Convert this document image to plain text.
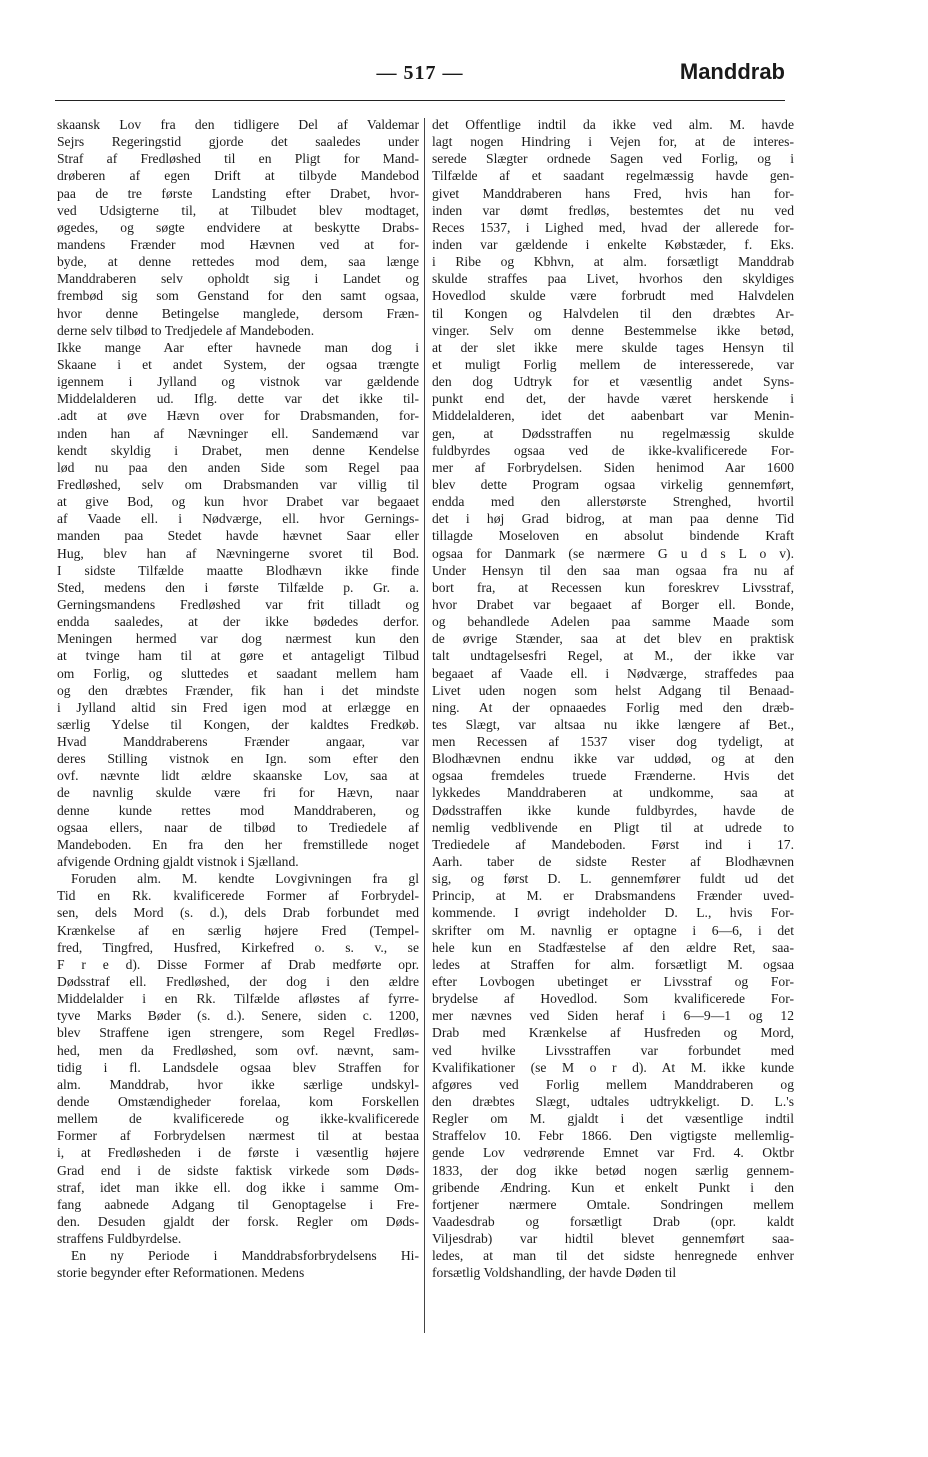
— 517 —	Manddrab
skaansk Lov fra den tidligere Del af Valdemar
Sejrs Regeringstid gjorde det saaledes under
Straf af Fredløshed til en Pligt for Mand-
drøberen af egen Drift at tilbyde Mandebod
paa de tre første Landsting efter Drabet, hvor-
ved Udsigterne til, at Tilbudet blev modtaget,
øgedes, og søgte endvidere at beskytte Drabs-
mandens Frænder mod Hævnen ved at for-
byde, at denne rettedes mod dem, saa længe
Manddraberen selv opholdt sig i Landet og
frembød sig som Genstand for den samt ogsaa,
hvor denne Betingelse manglede, dersom Fræn-
derne selv tilbød to Tredjedele af Mandeboden.
Ikke mange Aar efter havnede man dog i
Skaane i et andet System, der ogsaa trængte
igennem i Jylland og vistnok var gældende
Middelalderen ud. Iflg. dette var det ikke til-
.adt at øve Hævn over for Drabsmanden, for-
ınden han af Nævninger ell. Sandemænd var
kendt skyldig i Drabet, men denne Kendelse
lød nu paa den anden Side som Regel paa
Fredløshed, selv om Drabsmanden var villig til
at give Bod, og kun hvor Drabet var begaaet
af Vaade ell. i Nødværge, ell. hvor Gernings-
manden paa Stedet havde hævnet Saar eller
Hug, blev han af Nævningerne svoret til Bod.
I sidste Tilfælde maatte Blodhævn ikke finde
Sted, medens den i første Tilfælde p. Gr. a.
Gerningsmandens Fredløshed var frit tilladt og
endda saaledes, at der ikke bødedes derfor.
Meningen hermed var dog nærmest kun den
at tvinge ham til at gøre et antageligt Tilbud
om Forlig, og sluttedes et saadant mellem ham
og den dræbtes Frænder, fik han i det mindste
i Jylland altid sin Fred igen mod at erlægge en
særlig Ydelse til Kongen, der kaldtes Fredkøb.
Hvad Manddraberens Frænder angaar, var
deres Stilling vistnok en Ign. som efter den
ovf. nævnte lidt ældre skaanske Lov, saa at
de navnlig skulde være fri for Hævn, naar
denne kunde rettes mod Manddraberen, og
ogsaa ellers, naar de tilbød to Trediedele af
Mandeboden. En fra den her fremstillede noget
afvigende Ordning gjaldt vistnok i Sjælland.
Foruden alm. M. kendte Lovgivningen fra gl
Tid en Rk. kvalificerede Former af Forbrydel-
sen, dels Mord (s. d.), dels Drab forbundet med
Krænkelse af en særlig højere Fred (Tempel-
fred, Tingfred, Husfred, Kirkefred o. s. v., se
F r e d). Disse Former af Drab medførte opr.
Dødsstraf ell. Fredløshed, der dog i den ældre
Middelalder i en Rk. Tilfælde afløstes af fyrre-
tyve Marks Bøder (s. d.). Senere, siden c. 1200,
blev Straffene igen strengere, som Regel Fredløs-
hed, men da Fredløshed, som ovf. nævnt, sam-
tidig i fl. Landsdele ogsaa blev Straffen for
alm. Manddrab, hvor ikke særlige undskyl-
dende Omstændigheder forelaa, kom Forskellen
mellem de kvalificerede og ikke-kvalificerede
Former af Forbrydelsen nærmest til at bestaa
i, at Fredløsheden i de første i væsentlig højere
Grad end i de sidste faktisk virkede som Døds-
straf, idet man ikke ell. dog ikke i samme Om-
fang aabnede Adgang til Genoptagelse i Fre-
den. Desuden gjaldt der forsk. Regler om Døds-
straffens Fuldbyrdelse.
En ny Periode i Manddrabsforbrydelsens Hi-
storie begynder efter Reformationen. Medens
det Offentlige indtil da ikke ved alm. M. havde
lagt nogen Hindring i Vejen for, at de interes-
serede Slægter ordnede Sagen ved Forlig, og i
Tilfælde af et saadant regelmæssig havde gen-
givet Manddraberen hans Fred, hvis han for-
inden var dømt fredløs, bestemtes det nu ved
Reces 1537, i Lighed med, hvad der allerede for-
inden var gældende i enkelte Købstæder, f. Eks.
i Ribe og Kbhvn, at alm. forsætligt Manddrab
skulde straffes paa Livet, hvorhos den skyldiges
Hovedlod skulde være forbrudt med Halvdelen
til Kongen og Halvdelen til den dræbtes Ar-
vinger. Selv om denne Bestemmelse ikke betød,
at der slet ikke mere skulde tages Hensyn til
et muligt Forlig mellem de interesserede, var
den dog Udtryk for et væsentlig andet Syns-
punkt end det, der havde været herskende i
Middelalderen, idet det aabenbart var Menin-
gen, at Dødsstraffen nu regelmæssig skulde
fuldbyrdes ogsaa ved de ikke-kvalificerede For-
mer af Forbrydelsen. Siden henimod Aar 1600
blev dette Program ogsaa virkelig gennemført,
endda med den allerstørste Strenghed, hvortil
det i høj Grad bidrog, at man paa denne Tid
tillagde Moseloven en absolut bindende Kraft
ogsaa for Danmark (se nærmere G u d s L o v).
Under Hensyn til den saa man ogsaa fra nu af
bort fra, at Recessen kun foreskrev Livsstraf,
hvor Drabet var begaaet af Borger ell. Bonde,
og behandlede Adelen paa samme Maade som
de øvrige Stænder, saa at det blev en praktisk
talt undtagelsesfri Regel, at M., der ikke var
begaaet af Vaade ell. i Nødværge, straffedes paa
Livet uden nogen som helst Adgang til Benaad-
ning. At der opnaaedes Forlig med den dræb-
tes Slægt, var altsaa nu ikke længere af Bet.,
men Recessen af 1537 viser dog tydeligt, at
Blodhævnen endnu ikke var uddød, og at den
ogsaa fremdeles truede Frænderne. Hvis det
lykkedes Manddraberen at undkomme, saa at
Dødsstraffen ikke kunde fuldbyrdes, havde de
nemlig vedblivende en Pligt til at udrede to
Trediedele af Mandeboden. Først ind i 17.
Aarh. taber de sidste Rester af Blodhævnen
sig, og først D. L. gennemfører fuldt ud det
Princip, at M. er Drabsmandens Frænder uved-
kommende. I øvrigt indeholder D. L., hvis For-
skrifter om M. navnlig er optagne i 6—6, i det
hele kun en Stadfæstelse af den ældre Ret, saa-
ledes at Straffen for alm. forsætligt M. ogsaa
efter Lovbogen ubetinget er Livsstraf og For-
brydelse af Hovedlod. Som kvalificerede For-
mer nævnes ved Siden heraf i 6—9—1 og 12
Drab med Krænkelse af Husfreden og Mord,
ved hvilke Livsstraffen var forbundet med
Kvalifikationer (se M o r d). At M. ikke kunde
afgøres ved Forlig mellem Manddraberen og
den dræbtes Slægt, udtales udtrykkeligt. D. L.'s
Regler om M. gjaldt i det væsentlige indtil
Straffelov 10. Febr 1866. Den vigtigste mellemlig-
gende Lov vedrørende Emnet var Frd. 4. Oktbr
1833, der dog ikke betød nogen særlig gennem-
gribende Ændring. Kun et enkelt Punkt i den
fortjener nærmere Omtale. Sondringen mellem
Vaadesdrab og forsætligt Drab (opr. kaldt
Viljesdrab) var hidtil blevet gennemført saa-
ledes, at man til det sidste henregnede enhver
forsætlig Voldshandling, der havde Døden til
